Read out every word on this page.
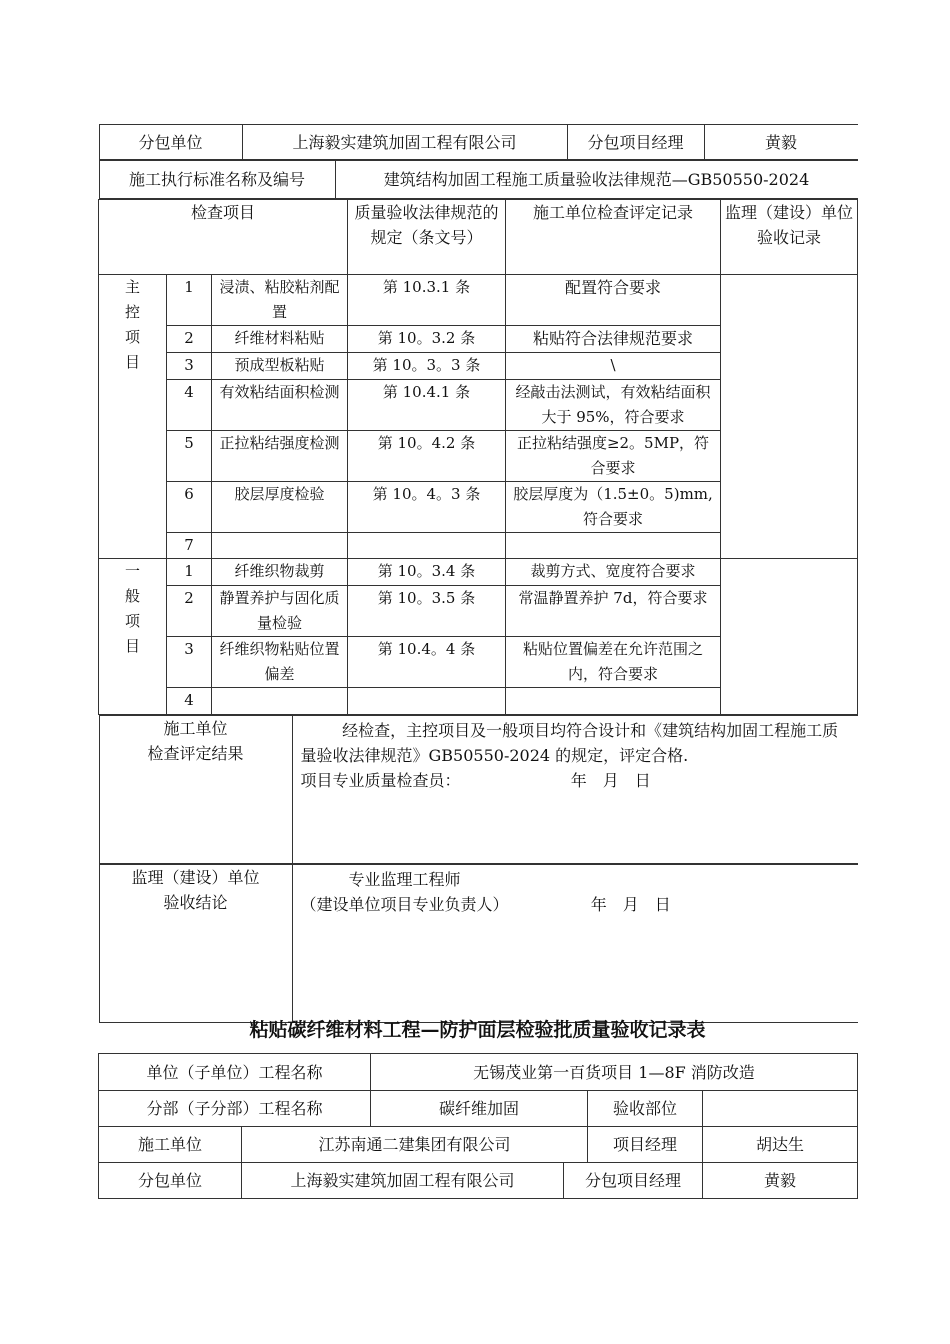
分包单位	上海毅实建筑加固工程有限公司	分包项目经理	黄毅

施工执行标准名称及编号	建筑结构加固工程施工质量验收法律规范—GB50550-2024

检查项目	质量验收法律规范的规定（条文号）	施工单位检查评定记录	监理（建设）单位验收记录

主
控
项
目
	1	浸渍、粘胶粘剂配置	第 10.3.1 条	配置符合要求	
2	纤维材料粘贴	第 10。3.2 条	粘贴符合法律规范要求
3	预成型板粘贴	第 10。3。3 条	\
4	有效粘结面积检测	第 10.4.1 条	经敲击法测试，有效粘结面积大于 95%，符合要求
5	正拉粘结强度检测	第 10。4.2 条	正拉粘结强度≥2。5MP，符合要求
6	胶层厚度检验	第 10。4。3 条	胶层厚度为（1.5±0。5)mm,符合要求
7			

一
般
项
目
	1	纤维织物裁剪	第 10。3.4 条	裁剪方式、宽度符合要求	
2	静置养护与固化质量检验	第 10。3.5 条	常温静置养护 7d，符合要求
3	纤维织物粘贴位置偏差	第 10.4。4 条	粘贴位置偏差在允许范围之内，符合要求
4			

施工单位
检查评定结果

经检查，主控项目及一般项目均符合设计和《建筑结构加固工程施工质量验收法律规范》GB50550-2024 的规定，评定合格.
项目专业质量检查员：	年　月　日

监理（建设）单位
验收结论

专业监理工程师
（建设单位项目专业负责人）	年　月　日
粘贴碳纤维材料工程—防护面层检验批质量验收记录表
单位（子单位）工程名称	无锡茂业第一百货项目 1—8F 消防改造
分部（子分部）工程名称	碳纤维加固	验收部位	
施工单位	江苏南通二建集团有限公司	项目经理	胡达生
分包单位	上海毅实建筑加固工程有限公司	分包项目经理	黄毅
